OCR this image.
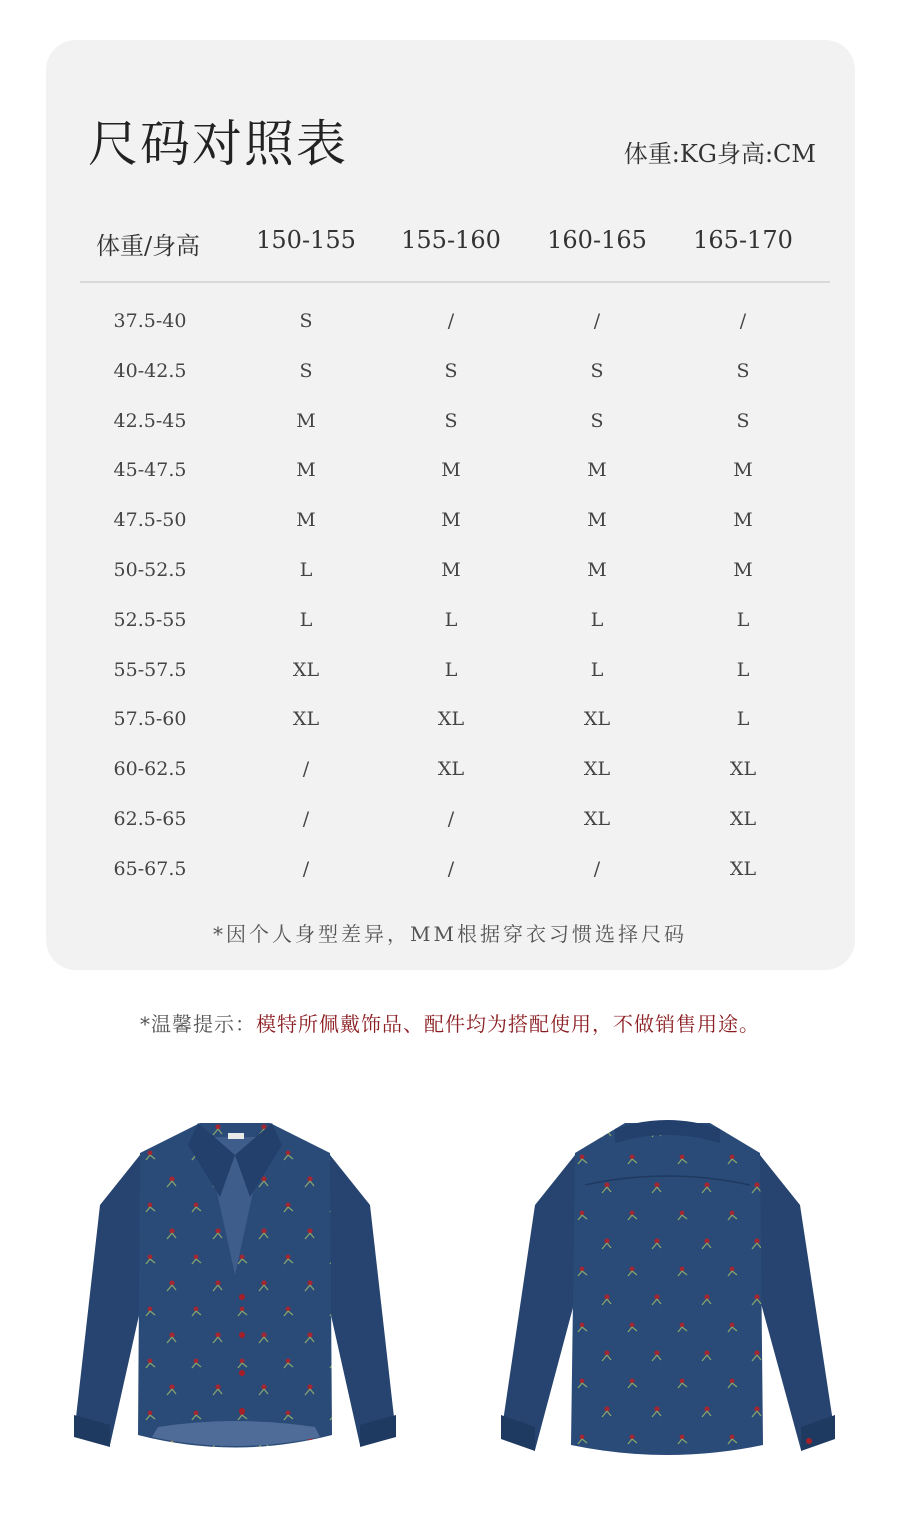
尺码对照表	体重:KG身高:CM
体重/身高 150-155 155-160 160-165 165-170
37.5-40	S	/	/	/
40-42.5	S	S	S	S
42.5-45	M	S	S	S
45-47.5	M	M	M	M
47.5-50	M	M	M	M
50-52.5	L	M	M	M
52.5-55	L	L	L	L
55-57.5	XL	L	L	L
57.5-60	XL	XL	XL	L
60-62.5	/	XL	XL	XL
62.5-65	/	/	XL	XL
65-67.5	/	/	/	XL
*因个人身型差异，MM根据穿衣习惯选择尺码
*温馨提示：模特所佩戴饰品、配件均为搭配使用，不做销售用途。
